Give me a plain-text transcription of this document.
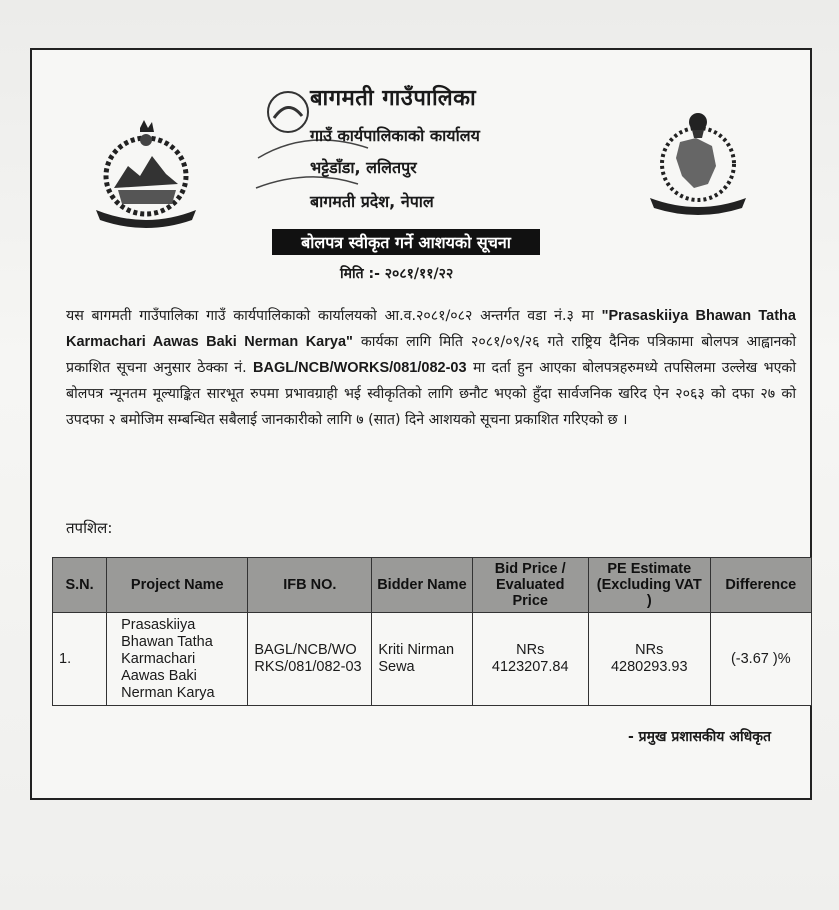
बागमती गाउँपालिका
गाउँ कार्यपालिकाको कार्यालय
भट्टेडाँडा, ललितपुर
बागमती प्रदेश, नेपाल
बोलपत्र स्वीकृत गर्ने आशयको सूचना
मिति :- २०८१/११/२२
यस बागमती गाउँपालिका गाउँ कार्यपालिकाको कार्यालयको आ.व.२०८१/०८२ अन्तर्गत वडा नं.३ मा "Prasaskiiya Bhawan Tatha Karmachari Aawas Baki Nerman Karya" कार्यका लागि मिति २०८१/०९/२६ गते राष्ट्रिय दैनिक पत्रिकामा बोलपत्र आह्वानको प्रकाशित सूचना अनुसार ठेक्का नं. BAGL/NCB/WORKS/081/082-03 मा दर्ता हुन आएका बोलपत्रहरुमध्ये तपसिलमा उल्लेख भएको बोलपत्र न्यूनतम मूल्याङ्कित सारभूत रुपमा प्रभावग्राही भई स्वीकृतिको लागि छनौट भएको हुँदा सार्वजनिक खरिद ऐन २०६३ को दफा २७ को उपदफा २ बमोजिम सम्बन्धित सबैलाई जानकारीको लागि ७ (सात) दिने आशयको सूचना प्रकाशित गरिएको छ ।
तपशिल:
S.N.	Project Name	IFB NO.	Bidder Name	Bid Price / Evaluated Price	PE Estimate (Excluding VAT )	Difference
1.	Prasaskiiya Bhawan Tatha Karmachari Aawas Baki Nerman Karya	BAGL/NCB/WORKS/081/082-03	Kriti Nirman Sewa	NRs 4123207.84	NRs 4280293.93	(-3.67 )%
- प्रमुख प्रशासकीय अधिकृत
